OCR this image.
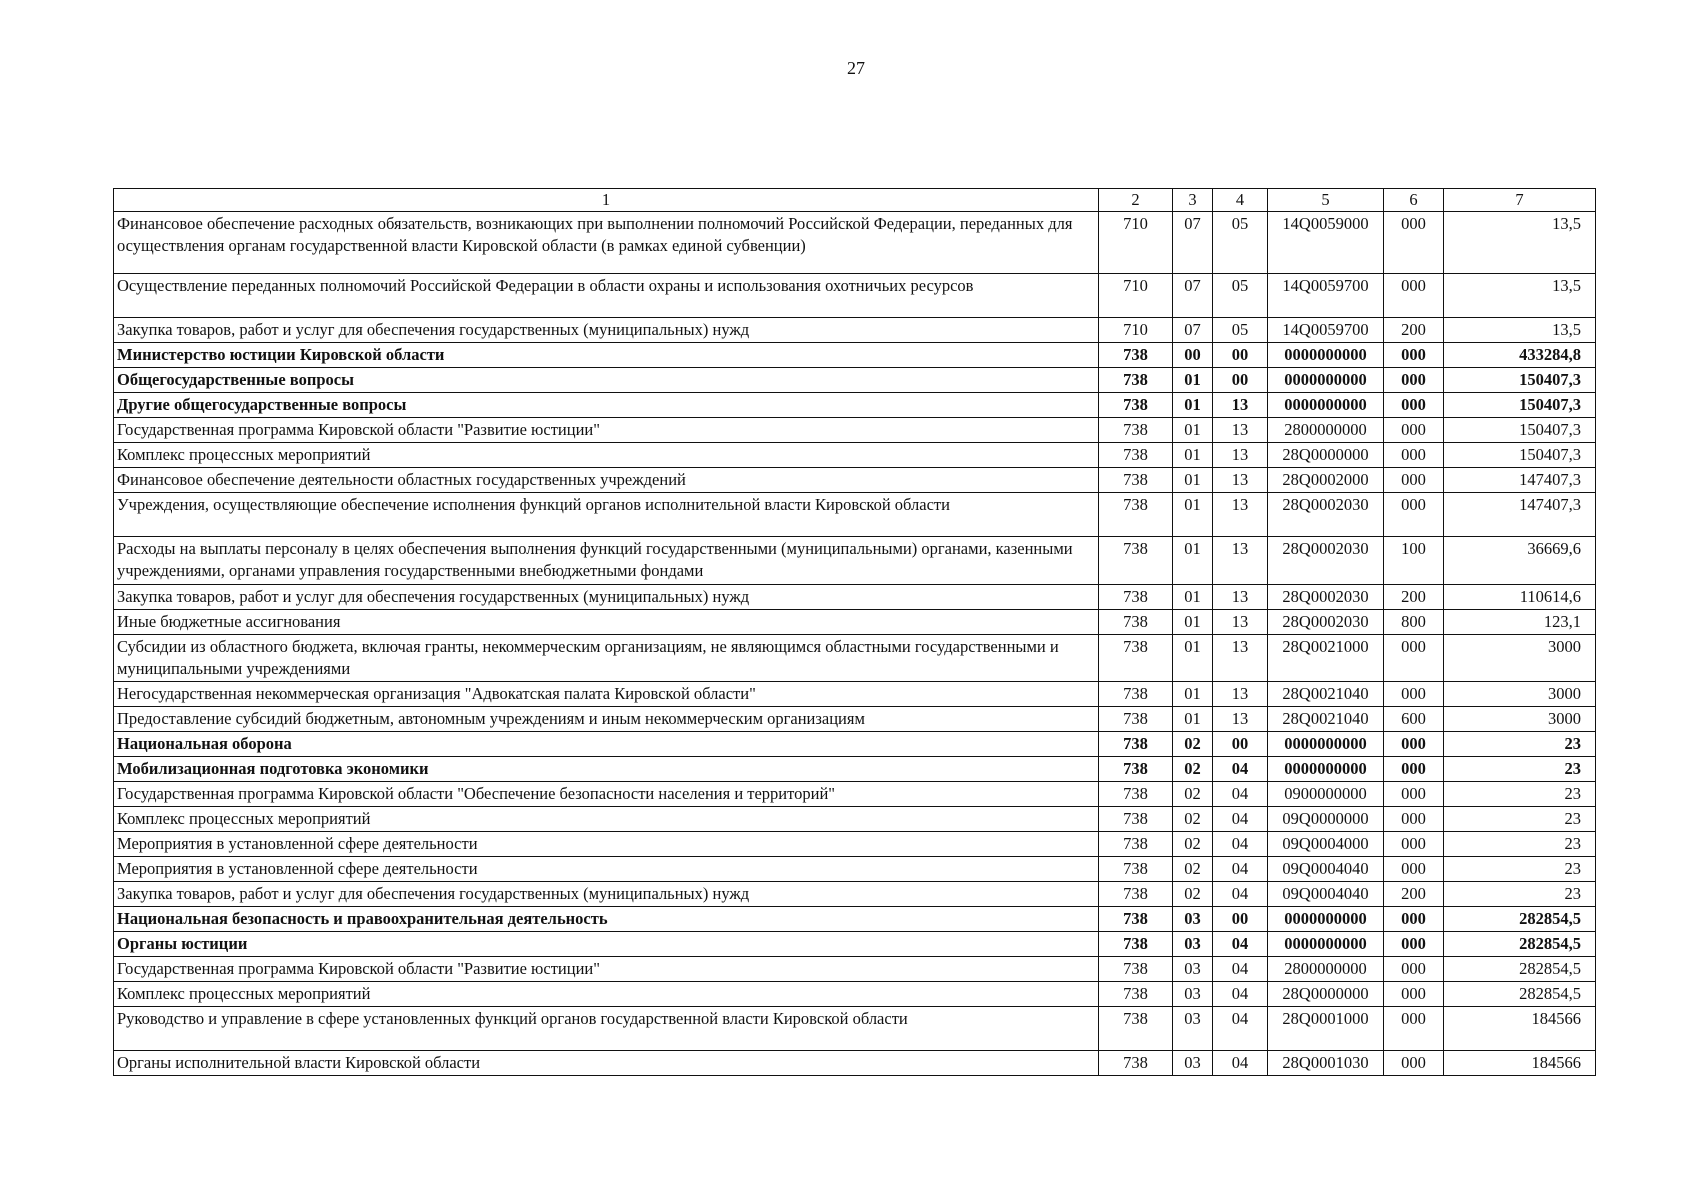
27
1	2	3	4	5	6	7
Финансовое обеспечение расходных обязательств, возникающих при выполнении полномочий Российской Федерации, переданных для осуществления органам государственной власти Кировской области (в рамках единой субвенции)	710	07	05	14Q0059000	000	13,5
Осуществление переданных полномочий Российской Федерации в области охраны и использования охотничьих ресурсов	710	07	05	14Q0059700	000	13,5
Закупка товаров, работ и услуг для обеспечения государственных (муниципальных) нужд	710	07	05	14Q0059700	200	13,5
Министерство юстиции Кировской области	738	00	00	0000000000	000	433284,8
Общегосударственные вопросы	738	01	00	0000000000	000	150407,3
Другие общегосударственные вопросы	738	01	13	0000000000	000	150407,3
Государственная программа Кировской области "Развитие юстиции"	738	01	13	2800000000	000	150407,3
Комплекс процессных мероприятий	738	01	13	28Q0000000	000	150407,3
Финансовое обеспечение деятельности областных государственных учреждений	738	01	13	28Q0002000	000	147407,3
Учреждения, осуществляющие обеспечение исполнения функций органов исполнительной власти Кировской области	738	01	13	28Q0002030	000	147407,3
Расходы на выплаты персоналу в целях обеспечения выполнения функций государственными (муниципальными) органами, казенными учреждениями, органами управления государственными внебюджетными фондами	738	01	13	28Q0002030	100	36669,6
Закупка товаров, работ и услуг для обеспечения государственных (муниципальных) нужд	738	01	13	28Q0002030	200	110614,6
Иные бюджетные ассигнования	738	01	13	28Q0002030	800	123,1
Субсидии из областного бюджета, включая гранты, некоммерческим организациям, не являющимся областными государственными и муниципальными учреждениями	738	01	13	28Q0021000	000	3000
Негосударственная некоммерческая организация "Адвокатская палата Кировской области"	738	01	13	28Q0021040	000	3000
Предоставление субсидий бюджетным, автономным учреждениям и иным некоммерческим организациям	738	01	13	28Q0021040	600	3000
Национальная оборона	738	02	00	0000000000	000	23
Мобилизационная подготовка экономики	738	02	04	0000000000	000	23
Государственная программа Кировской области "Обеспечение безопасности населения и территорий"	738	02	04	0900000000	000	23
Комплекс процессных мероприятий	738	02	04	09Q0000000	000	23
Мероприятия в установленной сфере деятельности	738	02	04	09Q0004000	000	23
Мероприятия в установленной сфере деятельности	738	02	04	09Q0004040	000	23
Закупка товаров, работ и услуг для обеспечения государственных (муниципальных) нужд	738	02	04	09Q0004040	200	23
Национальная безопасность и правоохранительная деятельность	738	03	00	0000000000	000	282854,5
Органы юстиции	738	03	04	0000000000	000	282854,5
Государственная программа Кировской области "Развитие юстиции"	738	03	04	2800000000	000	282854,5
Комплекс процессных мероприятий	738	03	04	28Q0000000	000	282854,5
Руководство и управление в сфере установленных функций органов государственной власти Кировской области	738	03	04	28Q0001000	000	184566
Органы исполнительной власти Кировской области	738	03	04	28Q0001030	000	184566
